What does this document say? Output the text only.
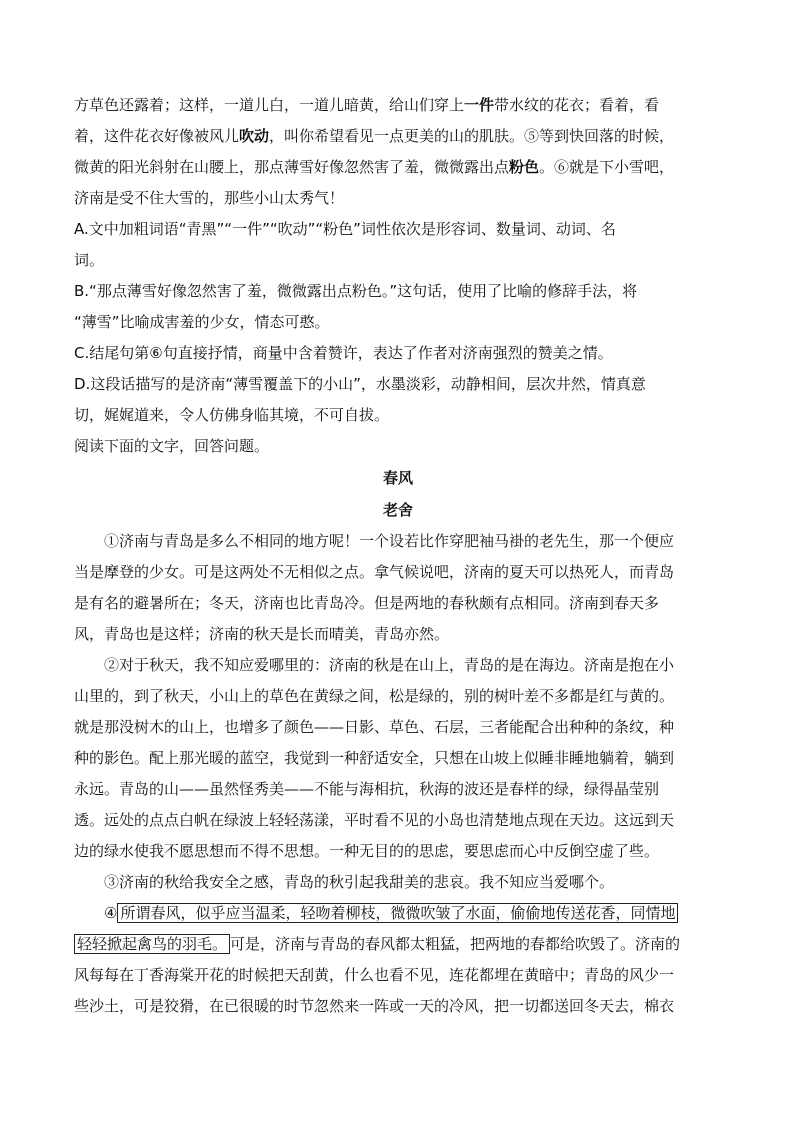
方草色还露着；这样，一道儿白，一道儿暗黄，给山们穿上一件带水纹的花衣；看着，看

着，这件花衣好像被风儿吹动，叫你希望看见一点更美的山的肌肤。⑤等到快回落的时候，

微黄的阳光斜射在山腰上，那点薄雪好像忽然害了羞，微微露出点粉色。⑥就是下小雪吧，

济南是受不住大雪的，那些小山太秀气！

A.文中加粗词语“青黑”“一件”“吹动”“粉色”词性依次是形容词、数量词、动词、名

词。

B.“那点薄雪好像忽然害了羞，微微露出点粉色。”这句话，使用了比喻的修辞手法，将

“薄雪”比喻成害羞的少女，情态可憨。

C.结尾句第⑥句直接抒情，商量中含着赞许，表达了作者对济南强烈的赞美之情。

D.这段话描写的是济南“薄雪覆盖下的小山”，水墨淡彩，动静相间，层次井然，情真意

切，娓娓道来，令人仿佛身临其境，不可自拔。

阅读下面的文字，回答问题。

春风

老舍

①济南与青岛是多么不相同的地方呢！一个设若比作穿肥袖马褂的老先生，那一个便应

当是摩登的少女。可是这两处不无相似之点。拿气候说吧，济南的夏天可以热死人，而青岛

是有名的避暑所在；冬天，济南也比青岛冷。但是两地的春秋颇有点相同。济南到春天多

风，青岛也是这样；济南的秋天是长而晴美，青岛亦然。

②对于秋天，我不知应爱哪里的：济南的秋是在山上，青岛的是在海边。济南是抱在小

山里的，到了秋天，小山上的草色在黄绿之间，松是绿的，别的树叶差不多都是红与黄的。

就是那没树木的山上，也增多了颜色——日影、草色、石层，三者能配合出种种的条纹，种

种的影色。配上那光暖的蓝空，我觉到一种舒适安全，只想在山坡上似睡非睡地躺着，躺到

永远。青岛的山——虽然怪秀美——不能与海相抗，秋海的波还是春样的绿，绿得晶莹别

透。远处的点点白帆在绿波上轻轻荡漾，平时看不见的小岛也清楚地点现在天边。这远到天

边的绿水使我不愿思想而不得不思想。一种无目的的思虑，要思虑而心中反倒空虚了些。

③济南的秋给我安全之感，青岛的秋引起我甜美的悲哀。我不知应当爱哪个。

④ 所谓春风，似乎应当温柔，轻吻着柳枝，微微吹皱了水面，偷偷地传送花香，同情地

轻轻掀起禽鸟的羽毛。 可是，济南与青岛的春风都太粗猛，把两地的春都给吹毁了。济南的

风每每在丁香海棠开花的时候把天刮黄，什么也看不见，连花都埋在黄暗中；青岛的风少一

些沙土，可是狡猾，在已很暖的时节忽然来一阵或一天的冷风，把一切都送回冬天去，棉衣
